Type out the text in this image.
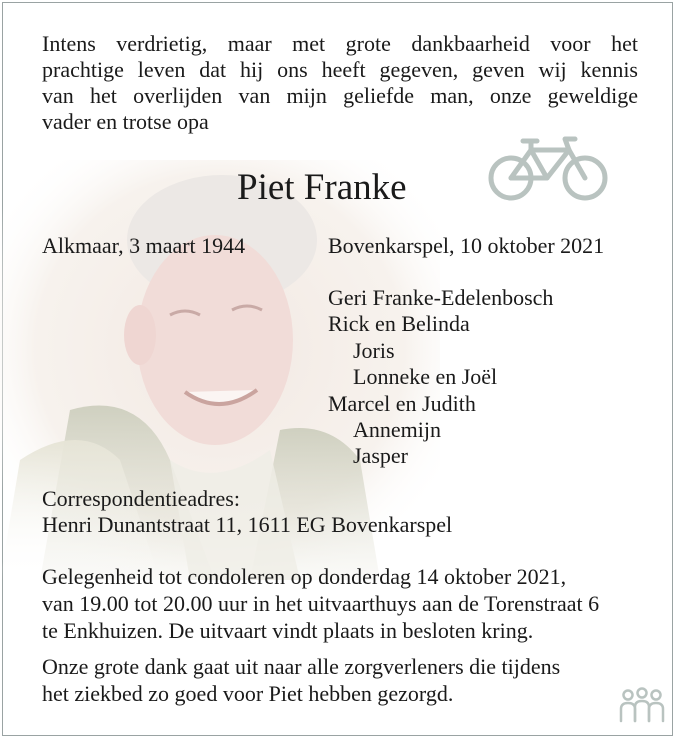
Intens verdrietig, maar met grote dankbaarheid voor het
prachtige leven dat hij ons heeft gegeven, geven wij kennis
van het overlijden van mijn geliefde man, onze geweldige
vader en trotse opa
Piet Franke
Alkmaar, 3 maart 1944	Bovenkarspel, 10 oktober 2021
Geri Franke-Edelenbosch
Rick en Belinda
Joris
Lonneke en Joël
Marcel en Judith
Annemijn
Jasper
Correspondentieadres:
Henri Dunantstraat 11, 1611 EG Bovenkarspel
Gelegenheid tot condoleren op donderdag 14 oktober 2021,
van 19.00 tot 20.00 uur in het uitvaarthuys aan de Torenstraat 6
te Enkhuizen. De uitvaart vindt plaats in besloten kring.
Onze grote dank gaat uit naar alle zorgverleners die tijdens
het ziekbed zo goed voor Piet hebben gezorgd.
